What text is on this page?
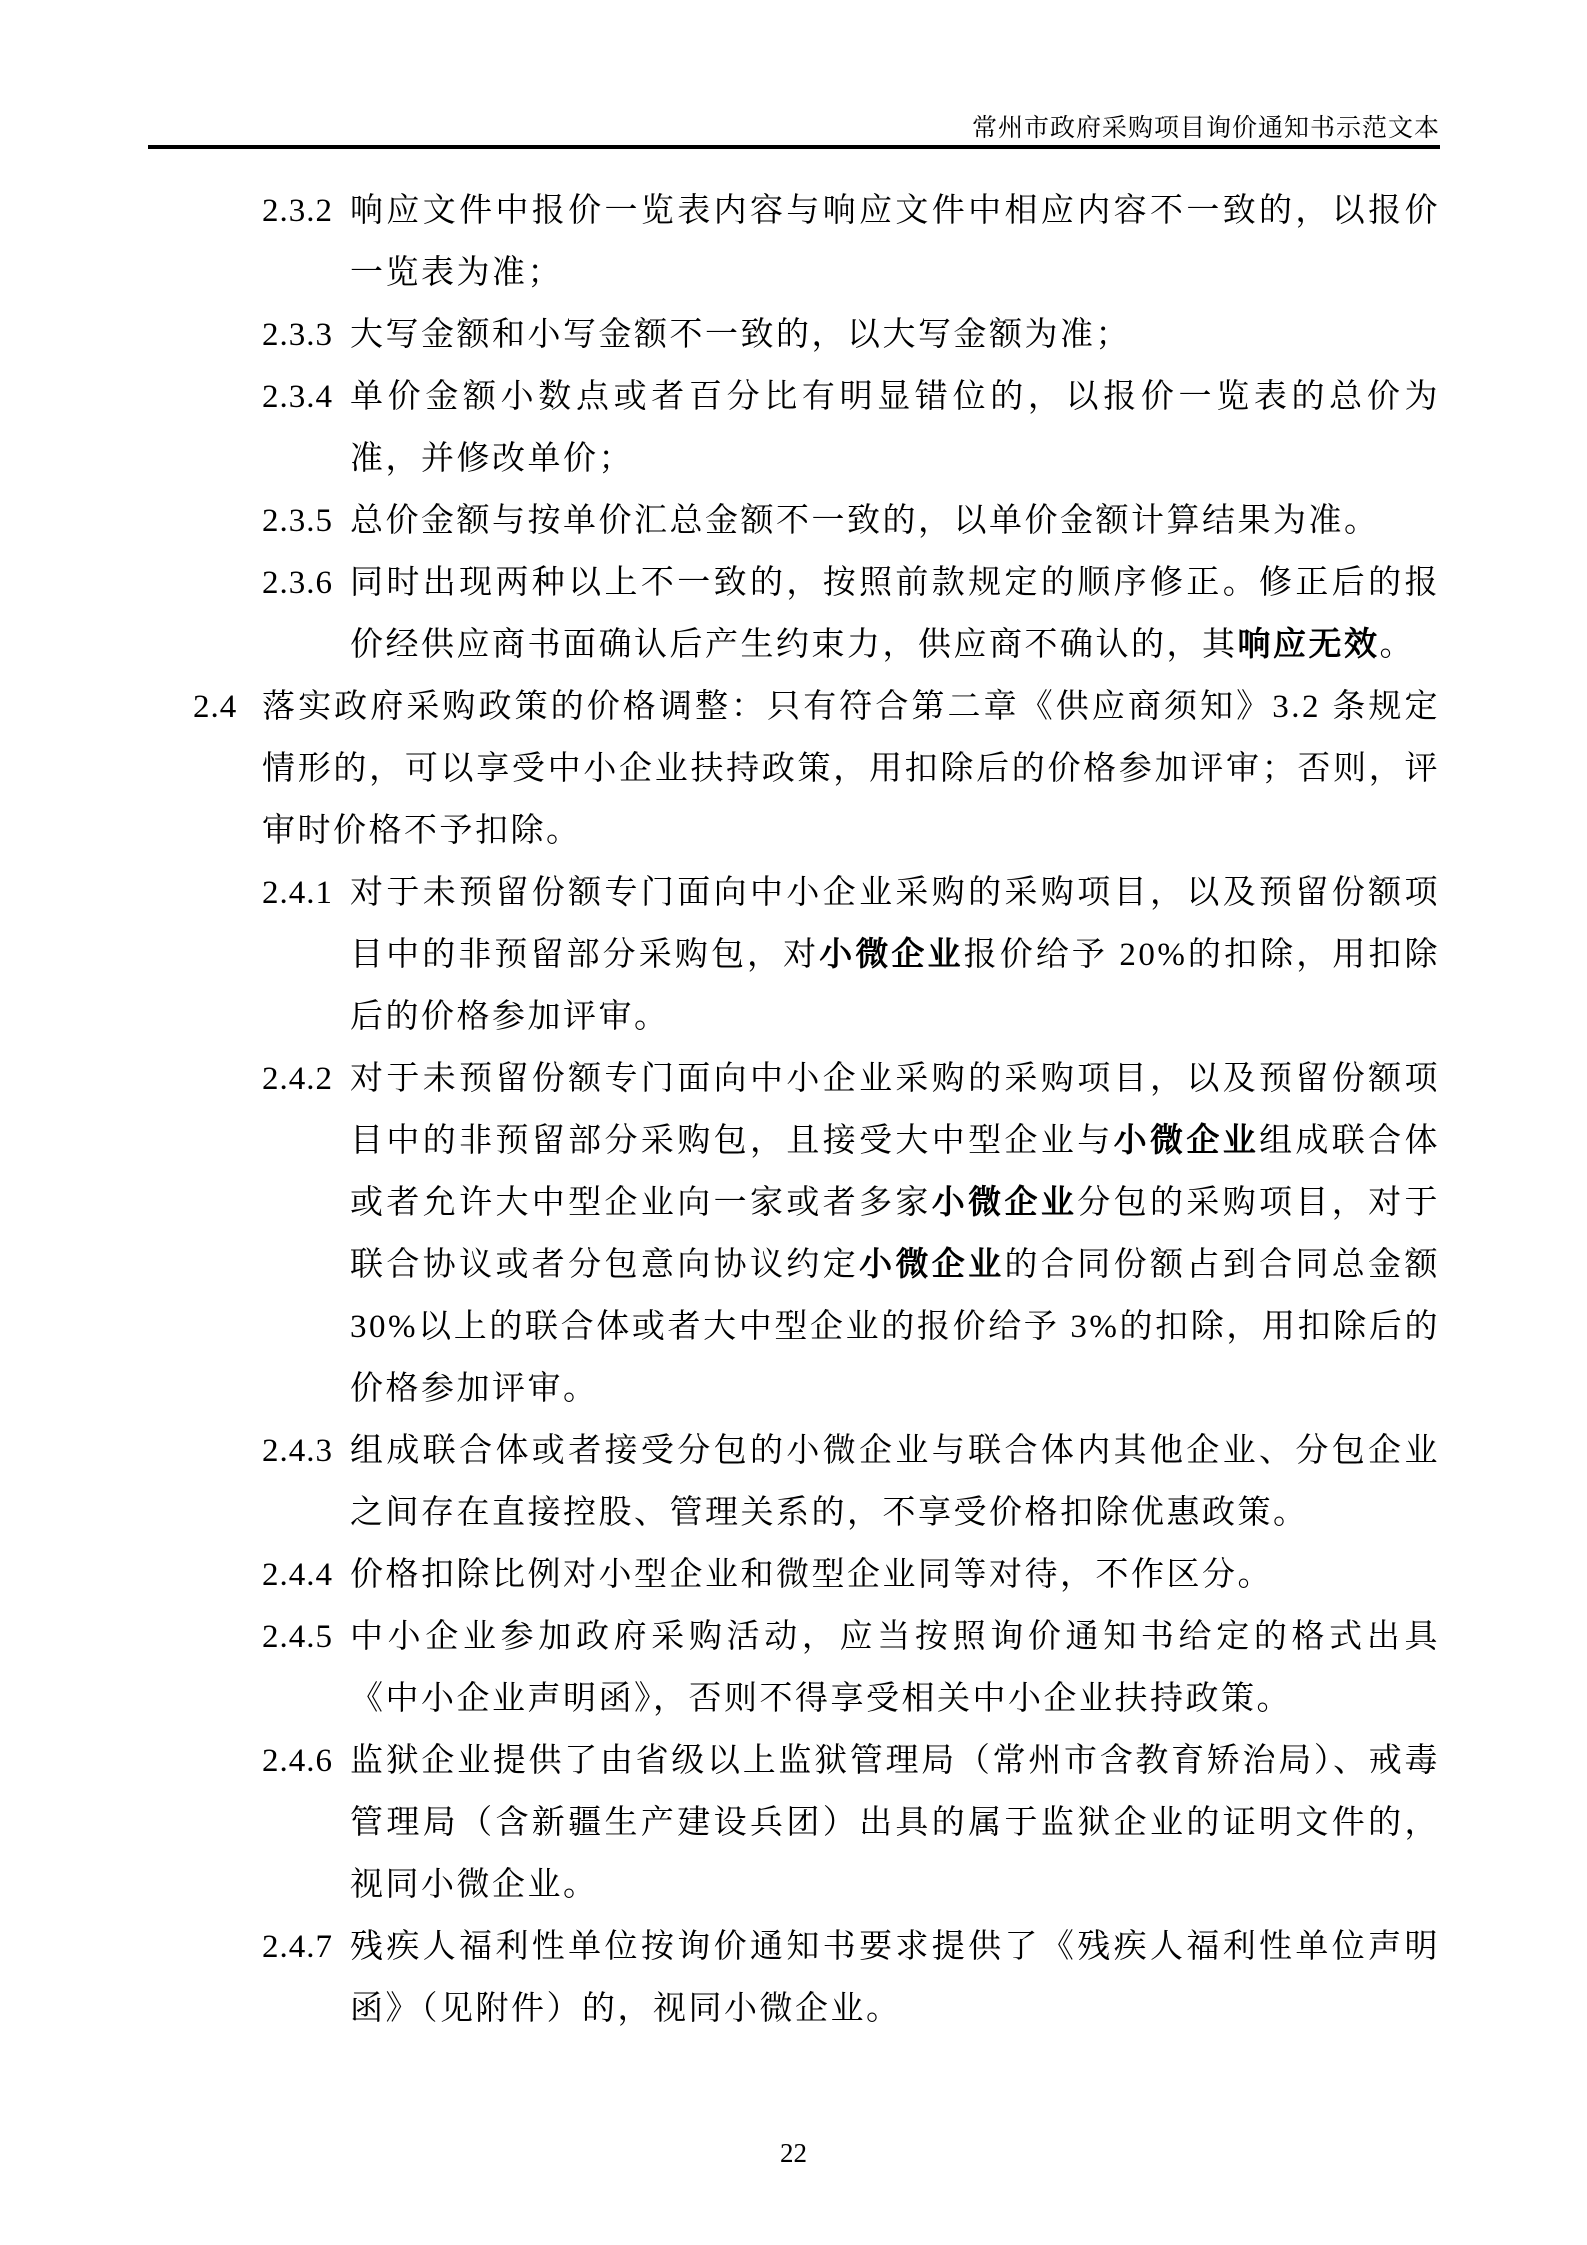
常州市政府采购项目询价通知书示范文本
2.3.2 响应文件中报价一览表内容与响应文件中相应内容不一致的，以报价一览表为准；
2.3.3 大写金额和小写金额不一致的，以大写金额为准；
2.3.4 单价金额小数点或者百分比有明显错位的，以报价一览表的总价为准，并修改单价；
2.3.5 总价金额与按单价汇总金额不一致的，以单价金额计算结果为准。
2.3.6 同时出现两种以上不一致的，按照前款规定的顺序修正。修正后的报价经供应商书面确认后产生约束力，供应商不确认的，其响应无效。
2.4 落实政府采购政策的价格调整：只有符合第二章《供应商须知》3.2 条规定情形的，可以享受中小企业扶持政策，用扣除后的价格参加评审；否则，评审时价格不予扣除。
2.4.1 对于未预留份额专门面向中小企业采购的采购项目，以及预留份额项目中的非预留部分采购包，对小微企业报价给予 20%的扣除，用扣除后的价格参加评审。
2.4.2 对于未预留份额专门面向中小企业采购的采购项目，以及预留份额项目中的非预留部分采购包，且接受大中型企业与小微企业组成联合体或者允许大中型企业向一家或者多家小微企业分包的采购项目，对于联合协议或者分包意向协议约定小微企业的合同份额占到合同总金额 30%以上的联合体或者大中型企业的报价给予 3%的扣除，用扣除后的价格参加评审。
2.4.3 组成联合体或者接受分包的小微企业与联合体内其他企业、分包企业之间存在直接控股、管理关系的，不享受价格扣除优惠政策。
2.4.4 价格扣除比例对小型企业和微型企业同等对待，不作区分。
2.4.5 中小企业参加政府采购活动，应当按照询价通知书给定的格式出具《中小企业声明函》，否则不得享受相关中小企业扶持政策。
2.4.6 监狱企业提供了由省级以上监狱管理局（常州市含教育矫治局）、戒毒管理局（含新疆生产建设兵团）出具的属于监狱企业的证明文件的，视同小微企业。
2.4.7 残疾人福利性单位按询价通知书要求提供了《残疾人福利性单位声明函》（见附件）的，视同小微企业。
22
